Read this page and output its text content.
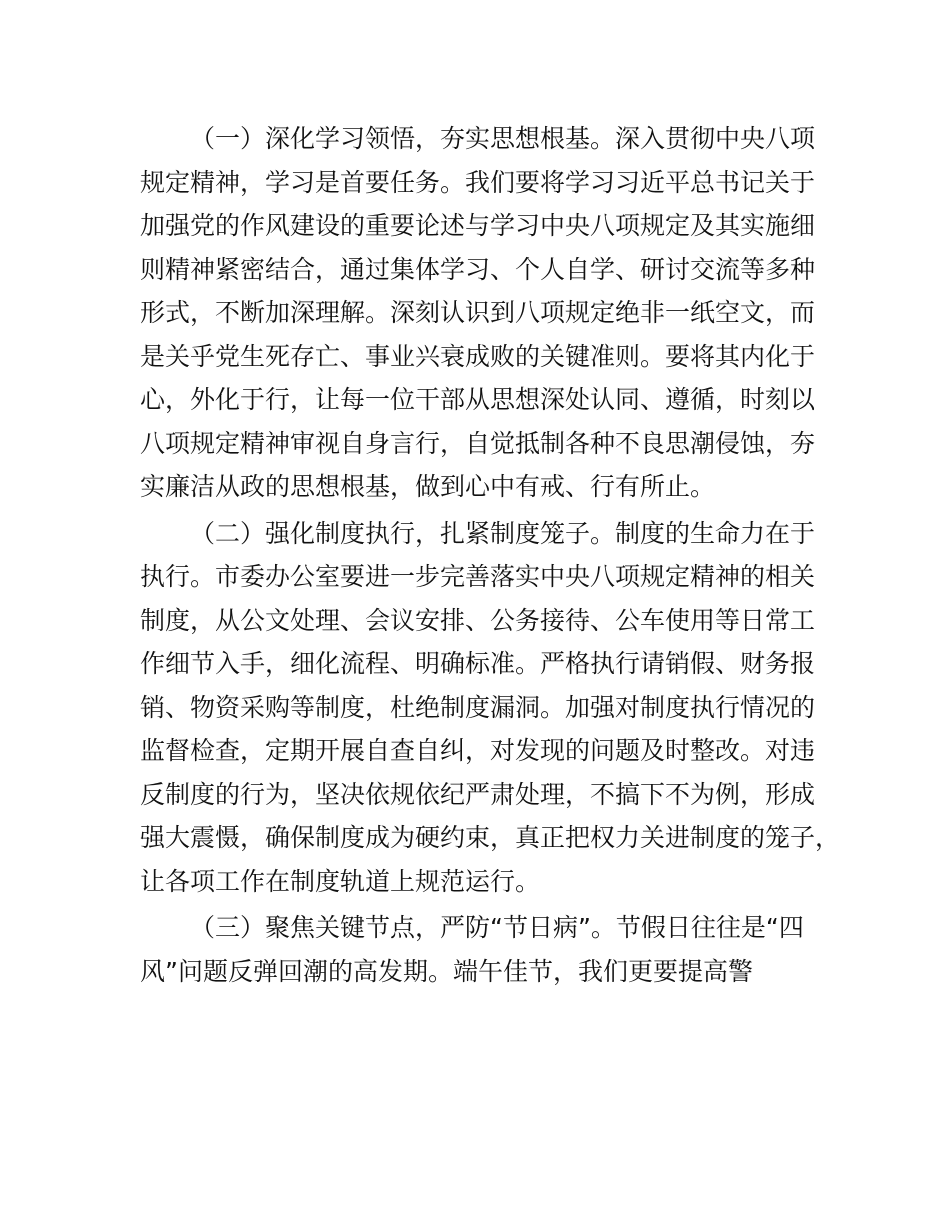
（一）深化学习领悟，夯实思想根基。深入贯彻中央八项
规定精神，学习是首要任务。我们要将学习习近平总书记关于
加强党的作风建设的重要论述与学习中央八项规定及其实施细
则精神紧密结合，通过集体学习、个人自学、研讨交流等多种
形式，不断加深理解。深刻认识到八项规定绝非一纸空文，而
是关乎党生死存亡、事业兴衰成败的关键准则。要将其内化于
心，外化于行，让每一位干部从思想深处认同、遵循，时刻以
八项规定精神审视自身言行，自觉抵制各种不良思潮侵蚀，夯
实廉洁从政的思想根基，做到心中有戒、行有所止。
（二）强化制度执行，扎紧制度笼子。制度的生命力在于
执行。市委办公室要进一步完善落实中央八项规定精神的相关
制度，从公文处理、会议安排、公务接待、公车使用等日常工
作细节入手，细化流程、明确标准。严格执行请销假、财务报
销、物资采购等制度，杜绝制度漏洞。加强对制度执行情况的
监督检查，定期开展自查自纠，对发现的问题及时整改。对违
反制度的行为，坚决依规依纪严肃处理，不搞下不为例，形成
强大震慑，确保制度成为硬约束，真正把权力关进制度的笼子，
让各项工作在制度轨道上规范运行。
（三）聚焦关键节点，严防“节日病”。节假日往往是“四
风”问题反弹回潮的高发期。端午佳节，我们更要提高警
